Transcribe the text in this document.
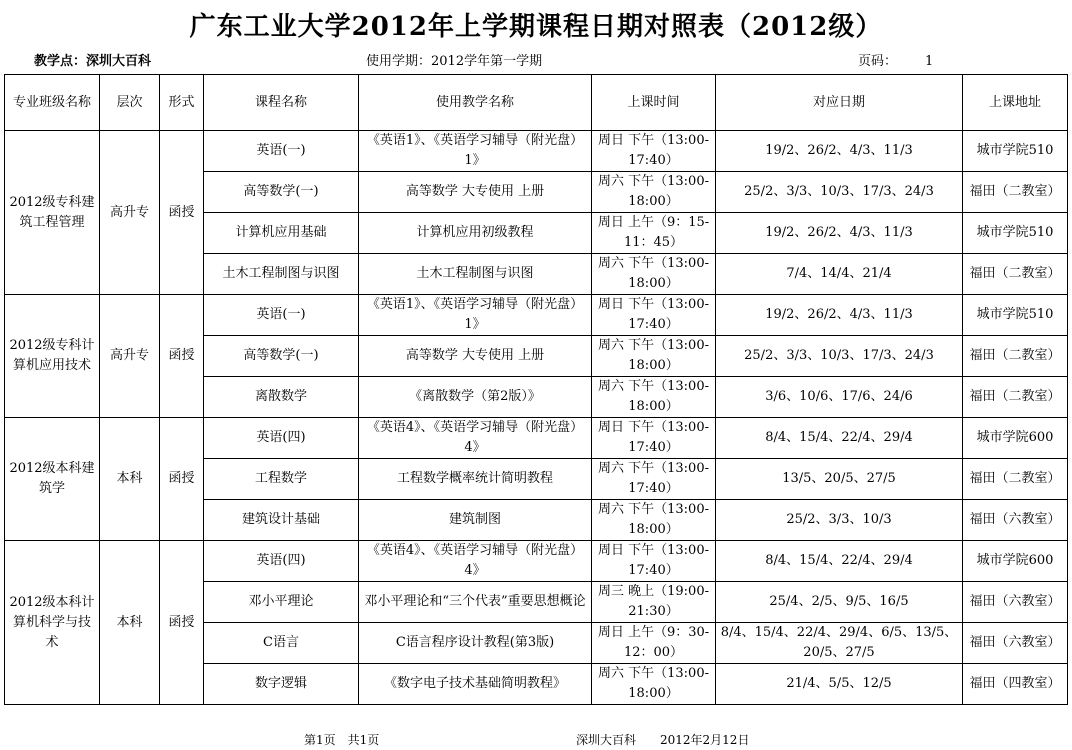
广东工业大学2012年上学期课程日期对照表（2012级）
教学点：深圳大百科	使用学期：2012学年第一学期	页码： 1
专业班级名称	层次	形式	课程名称	使用教学名称	上课时间	对应日期	上课地址
2012级专科建筑工程管理	高升专	函授	英语(一)	《英语1》、《英语学习辅导（附光盘）1》	周日 下午（13:00-17:40）	19/2、26/2、4/3、11/3	城市学院510
			高等数学(一)	高等数学 大专使用 上册	周六 下午（13:00-18:00）	25/2、3/3、10/3、17/3、24/3	福田（二教室）
			计算机应用基础	计算机应用初级教程	周日 上午（9：15-11：45）	19/2、26/2、4/3、11/3	城市学院510
			土木工程制图与识图	土木工程制图与识图	周六 下午（13:00-18:00）	7/4、14/4、21/4	福田（二教室）
2012级专科计算机应用技术	高升专	函授	英语(一)	《英语1》、《英语学习辅导（附光盘）1》	周日 下午（13:00-17:40）	19/2、26/2、4/3、11/3	城市学院510
			高等数学(一)	高等数学 大专使用 上册	周六 下午（13:00-18:00）	25/2、3/3、10/3、17/3、24/3	福田（二教室）
			离散数学	《离散数学（第2版）》	周六 下午（13:00-18:00）	3/6、10/6、17/6、24/6	福田（二教室）
2012级本科建筑学	本科	函授	英语(四)	《英语4》、《英语学习辅导（附光盘）4》	周日 下午（13:00-17:40）	8/4、15/4、22/4、29/4	城市学院600
			工程数学	工程数学概率统计简明教程	周六 下午（13:00-17:40）	13/5、20/5、27/5	福田（二教室）
			建筑设计基础	建筑制图	周六 下午（13:00-18:00）	25/2、3/3、10/3	福田（六教室）
2012级本科计算机科学与技术	本科	函授	英语(四)	《英语4》、《英语学习辅导（附光盘）4》	周日 下午（13:00-17:40）	8/4、15/4、22/4、29/4	城市学院600
			邓小平理论	邓小平理论和“三个代表”重要思想概论	周三 晚上（19:00-21:30）	25/4、2/5、9/5、16/5	福田（六教室）
			C语言	C语言程序设计教程(第3版)	周日 上午（9：30-12：00）	8/4、15/4、22/4、29/4、6/5、13/5、20/5、27/5	福田（六教室）
			数字逻辑	《数字电子技术基础简明教程》	周六 下午（13:00-18:00）	21/4、5/5、12/5	福田（四教室）
第1页　共1页	深圳大百科　　2012年2月12日
